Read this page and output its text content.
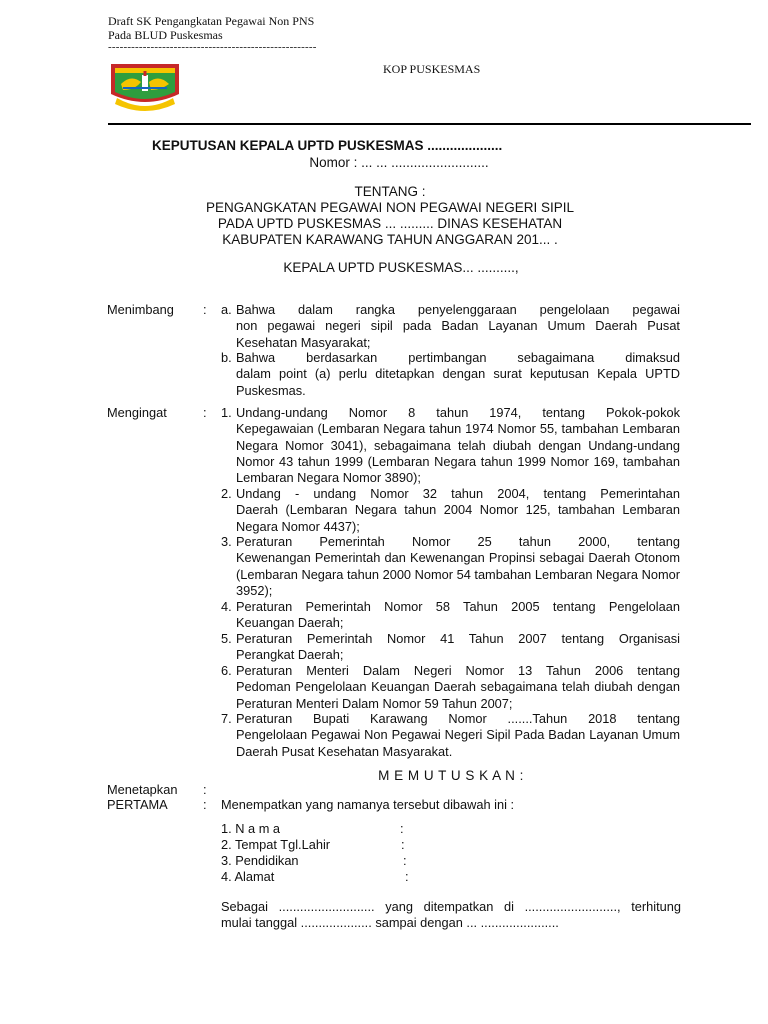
Draft SK Pengangkatan Pegawai Non PNS
Pada BLUD Puskesmas
------------------------------------------------------
KOP PUSKESMAS
KEPUTUSAN KEPALA UPTD PUSKESMAS ....................
Nomor : ... ... ..........................
TENTANG :
PENGANGKATAN PEGAWAI NON PEGAWAI NEGERI SIPIL
PADA UPTD PUSKESMAS ... ......... DINAS KESEHATAN
KABUPATEN KARAWANG TAHUN ANGGARAN 201... .
KEPALA UPTD PUSKESMAS... ..........,
Menimbang : a. Bahwa dalam rangka penyelenggaraan pengelolaan pegawai
non pegawai negeri sipil pada Badan Layanan Umum Daerah Pusat Kesehatan Masyarakat;
b. Bahwa berdasarkan pertimbangan sebagaimana dimaksud
dalam point (a) perlu ditetapkan dengan surat keputusan Kepala UPTD Puskesmas.
Mengingat	: 1. Undang-undang Nomor 8 tahun 1974, tentang Pokok-pokok
Kepegawaian (Lembaran Negara tahun 1974 Nomor 55, tambahan Lembaran Negara Nomor 3041), sebagaimana telah diubah dengan Undang-undang Nomor 43 tahun 1999 (Lembaran Negara tahun 1999 Nomor 169, tambahan Lembaran Negara Nomor 3890);
2. Undang - undang Nomor 32 tahun 2004, tentang Pemerintahan
Daerah (Lembaran Negara tahun 2004 Nomor 125, tambahan Lembaran Negara Nomor 4437);
3. Peraturan Pemerintah Nomor 25 tahun 2000, tentang
Kewenangan Pemerintah dan Kewenangan Propinsi sebagai Daerah Otonom (Lembaran Negara tahun 2000 Nomor 54 tambahan Lembaran Negara Nomor 3952);
4. Peraturan Pemerintah Nomor 58 Tahun 2005 tentang Pengelolaan
Keuangan Daerah;
5. Peraturan Pemerintah Nomor 41 Tahun 2007 tentang Organisasi
Perangkat Daerah;
6. Peraturan Menteri Dalam Negeri Nomor 13 Tahun 2006 tentang
Pedoman Pengelolaan Keuangan Daerah sebagaimana telah diubah dengan Peraturan Menteri Dalam Nomor 59 Tahun 2007;
7. Peraturan Bupati Karawang Nomor .......Tahun 2018 tentang
Pengelolaan Pegawai Non Pegawai Negeri Sipil Pada Badan Layanan Umum Daerah Pusat Kesehatan Masyarakat.
M E M U T U S K A N :
Menetapkan :
PERTAMA	: Menempatkan yang namanya tersebut dibawah ini :
1. N a m a	:
2. Tempat Tgl.Lahir	:
3. Pendidikan	:
4. Alamat	:
Sebagai ........................... yang ditempatkan di .........................., terhitung
mulai tanggal .................... sampai dengan ... ......................
